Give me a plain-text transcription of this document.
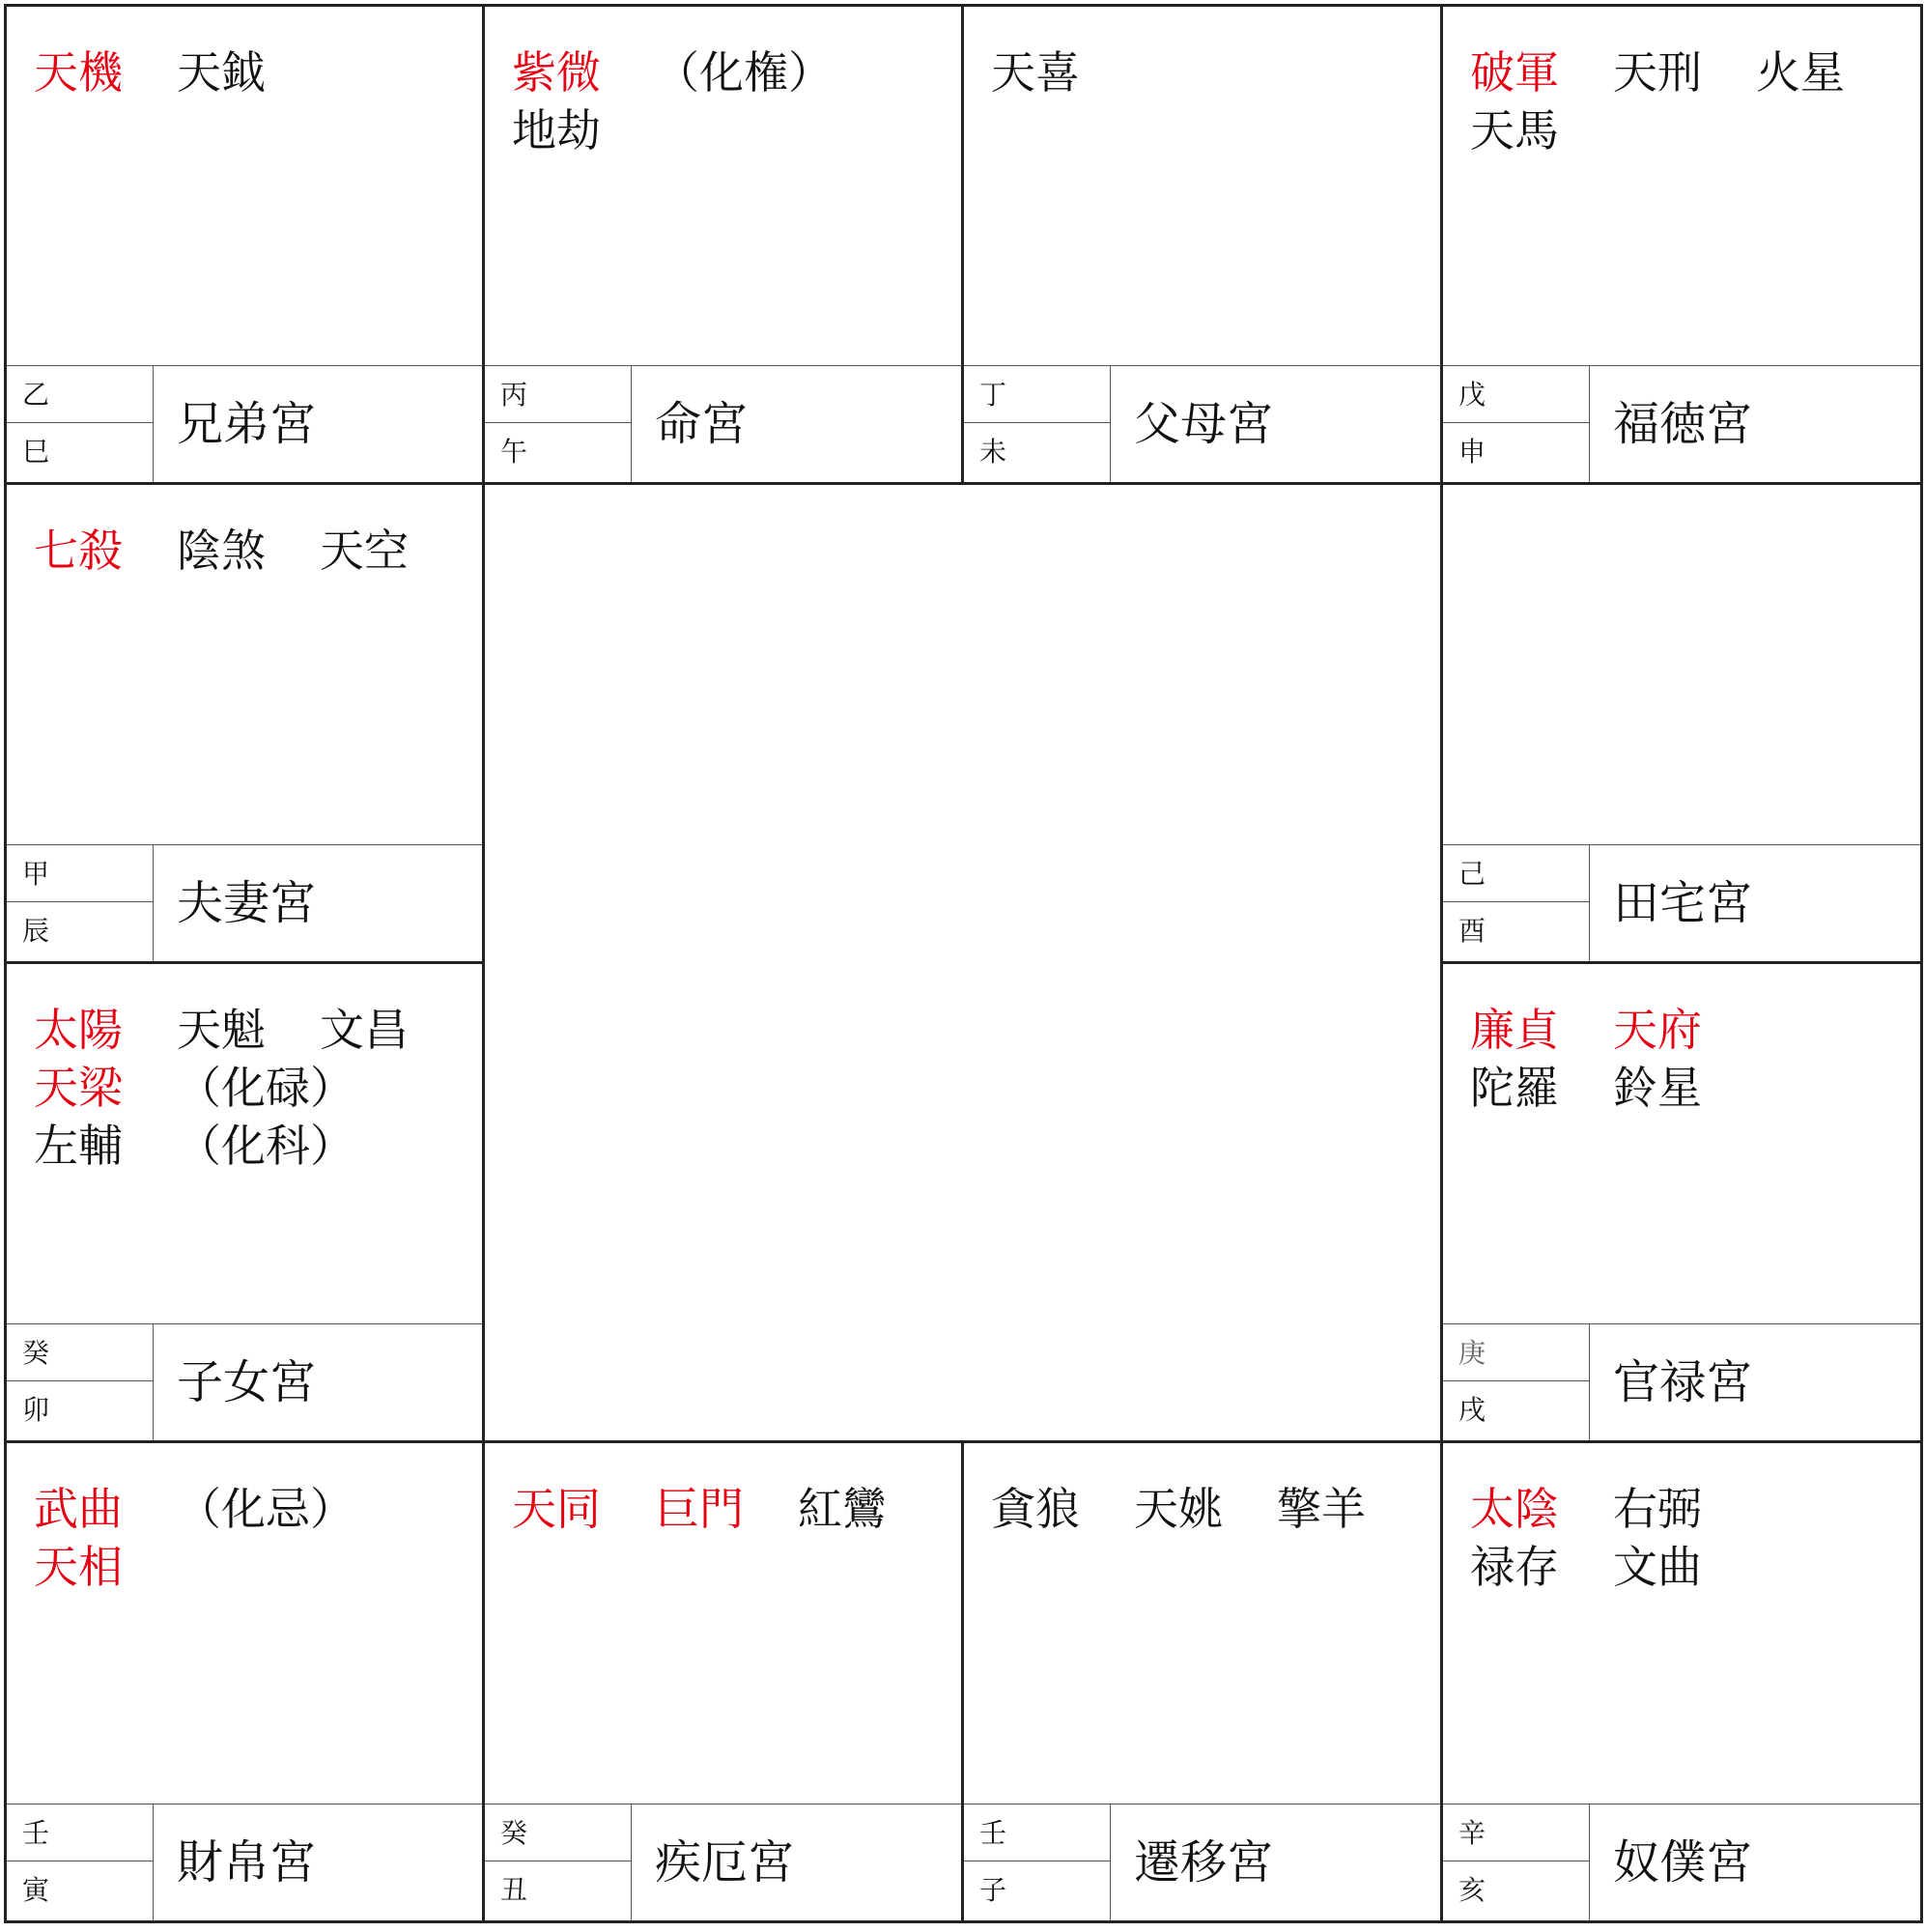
天機	天鉞
乙
巳
兄弟宮
紫微	（化権）
地劫
丙
午
命宮
天喜
丁
未
父母宮
破軍	天刑	火星
天馬
戊
申
福徳宮
七殺	陰煞	天空
甲
辰
夫妻宮
己
酉
田宅宮
太陽	天魁	文昌
天梁	（化碌）
左輔	（化科）
癸
卯
子女宮
廉貞	天府
陀羅	鈴星
庚
戌
官禄宮
武曲	（化忌）
天相
壬
寅
財帛宮
天同	巨門	紅鸞
癸
丑
疾厄宮
貪狼	天姚	擎羊
壬
子
遷移宮
太陰	右弼
禄存	文曲
辛
亥
奴僕宮
